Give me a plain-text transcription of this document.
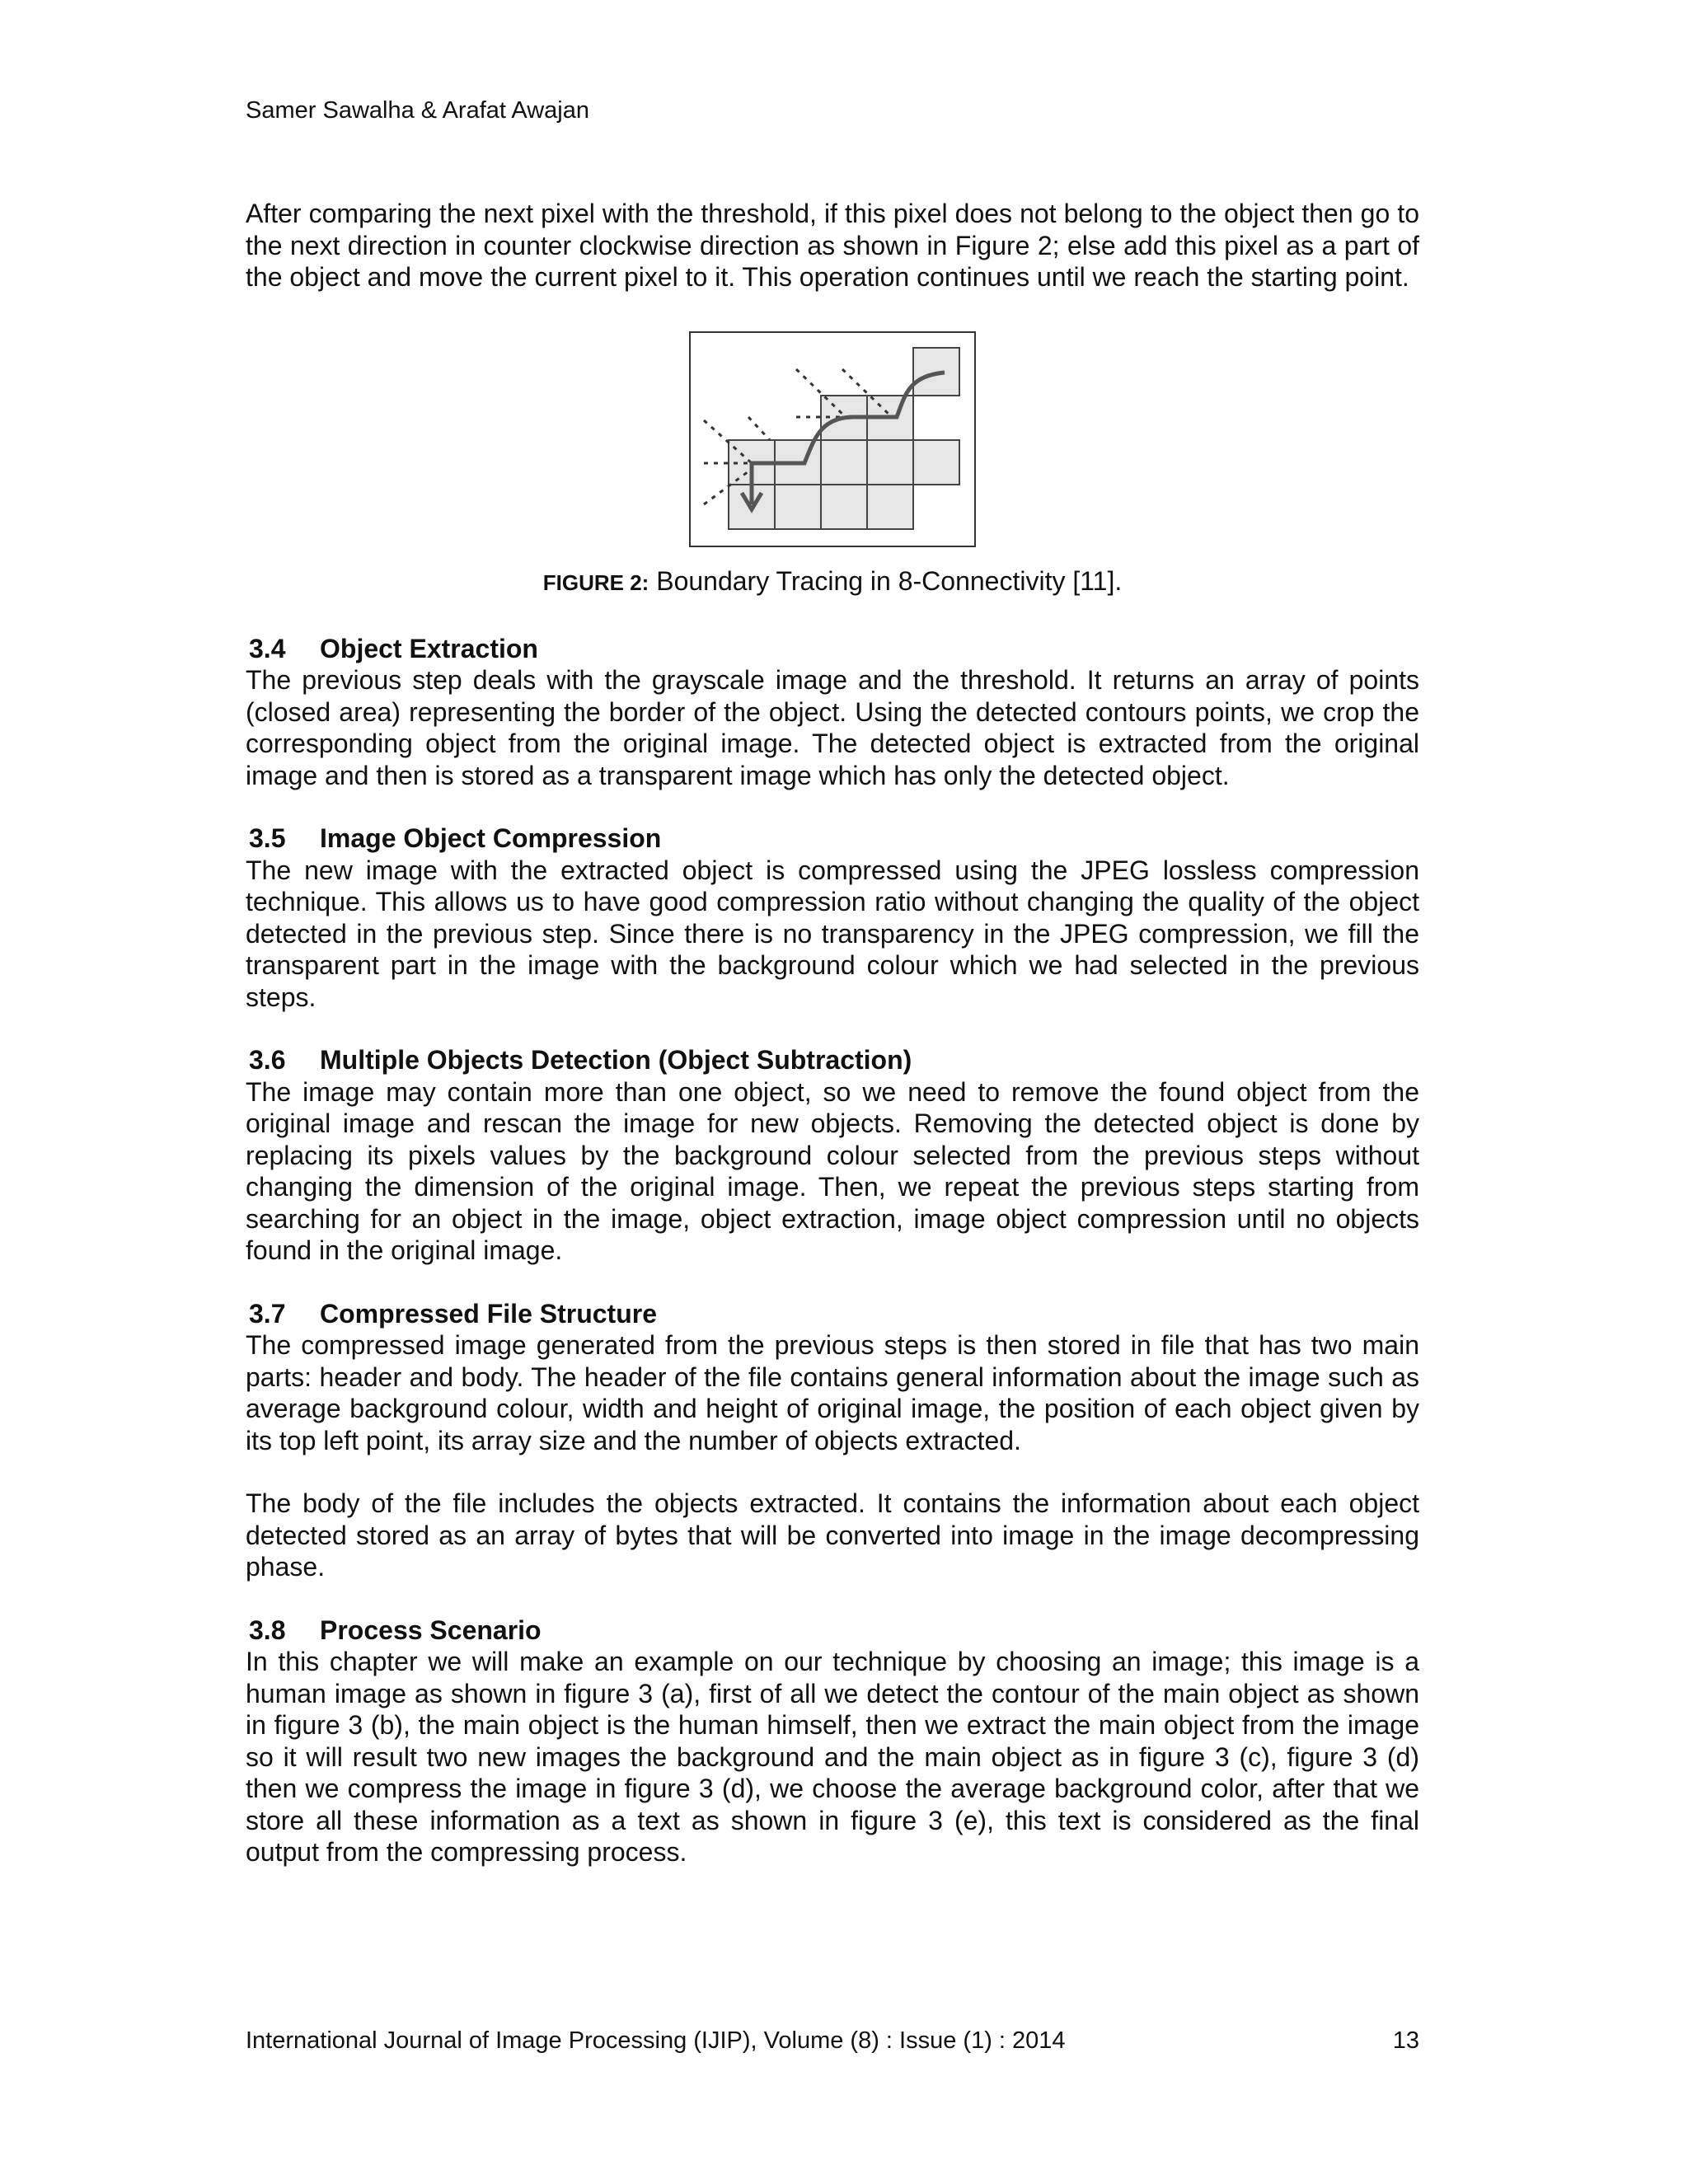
Samer Sawalha & Arafat Awajan

After comparing the next pixel with the threshold, if this pixel does not belong to the object then go to the next direction in counter clockwise direction as shown in Figure 2; else add this pixel as a part of the object and move the current pixel to it. This operation continues until we reach the starting point.

FIGURE 2: Boundary Tracing in 8-Connectivity [11].
3.4 Object Extraction

The previous step deals with the grayscale image and the threshold. It returns an array of points (closed area) representing the border of the object. Using the detected contours points, we crop the corresponding object from the original image. The detected object is extracted from the original image and then is stored as a transparent image which has only the detected object.

3.5 Image Object Compression

The new image with the extracted object is compressed using the JPEG lossless compression technique. This allows us to have good compression ratio without changing the quality of the object detected in the previous step. Since there is no transparency in the JPEG compression, we fill the transparent part in the image with the background colour which we had selected in the previous steps.

3.6 Multiple Objects Detection (Object Subtraction)

The image may contain more than one object, so we need to remove the found object from the original image and rescan the image for new objects. Removing the detected object is done by replacing its pixels values by the background colour selected from the previous steps without changing the dimension of the original image. Then, we repeat the previous steps starting from searching for an object in the image, object extraction, image object compression until no objects found in the original image.

3.7 Compressed File Structure

The compressed image generated from the previous steps is then stored in file that has two main parts: header and body. The header of the file contains general information about the image such as average background colour, width and height of original image, the position of each object given by its top left point, its array size and the number of objects extracted.

The body of the file includes the objects extracted. It contains the information about each object detected stored as an array of bytes that will be converted into image in the image decompressing phase.

3.8 Process Scenario

In this chapter we will make an example on our technique by choosing an image; this image is a human image as shown in figure 3 (a), first of all we detect the contour of the main object as shown in figure 3 (b), the main object is the human himself, then we extract the main object from the image so it will result two new images the background and the main object as in figure 3 (c), figure 3 (d) then we compress the image in figure 3 (d), we choose the average background color, after that we store all these information as a text as shown in figure 3 (e), this text is considered as the final output from the compressing process.

International Journal of Image Processing (IJIP), Volume (8) : Issue (1) : 2014	13
